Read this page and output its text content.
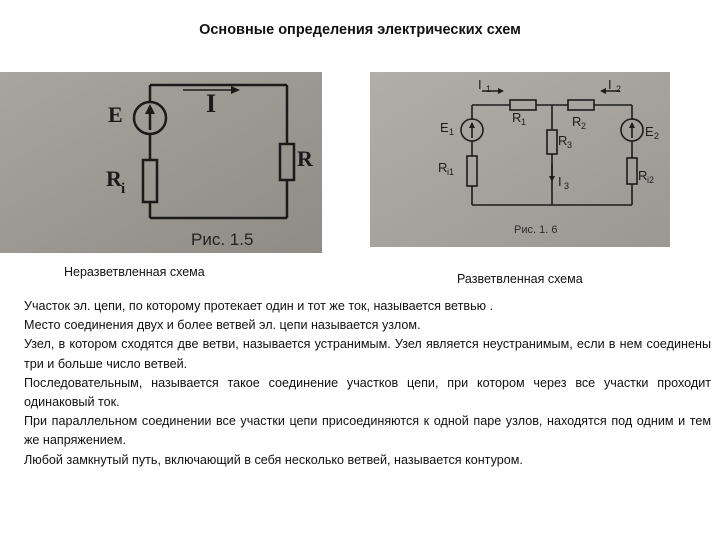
Основные определения электрических схем
E	I
R i
R
Рис. 1.5
I 1	I 2
R 1	R 2
R 3
I 3
E 1	E 2
R i1	R i2
Рис. 1. 6
Неразветвленная схема	Разветвленная схема

Участок эл. цепи, по которому протекает один и тот же ток, называется ветвью .

Место соединения двух и более ветвей эл. цепи называется узлом.

Узел, в котором сходятся две ветви, называется устранимым. Узел является неустранимым, если в нем соединены три и больше число ветвей.

Последовательным, называется такое соединение участков цепи, при котором через все участки проходит одинаковый ток.

При параллельном соединении все участки цепи присоединяются к одной паре узлов, находятся под одним и тем же напряжением.

Любой замкнутый путь, включающий в себя несколько ветвей, называется контуром.
